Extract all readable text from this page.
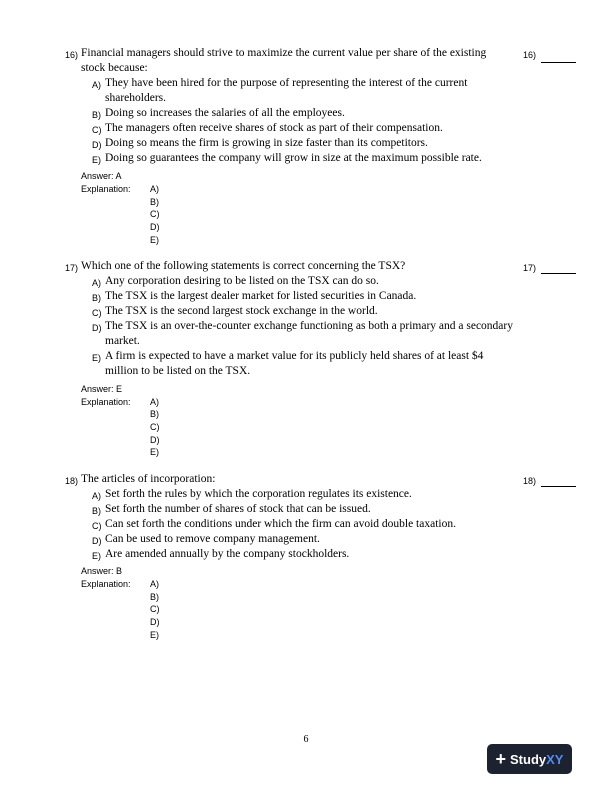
16) Financial managers should strive to maximize the current value per share of the existing stock because:
16)
A) They have been hired for the purpose of representing the interest of the current shareholders.
B) Doing so increases the salaries of all the employees.
C) The managers often receive shares of stock as part of their compensation.
D) Doing so means the firm is growing in size faster than its competitors.
E) Doing so guarantees the company will grow in size at the maximum possible rate.
Answer: A
Explanation: A)
B)
C)
D)
E)
17) Which one of the following statements is correct concerning the TSX?	17)
A) Any corporation desiring to be listed on the TSX can do so.
B) The TSX is the largest dealer market for listed securities in Canada.
C) The TSX is the second largest stock exchange in the world.
D) The TSX is an over-the-counter exchange functioning as both a primary and a secondary market.
E) A firm is expected to have a market value for its publicly held shares of at least $4 million to be listed on the TSX.
Answer: E
Explanation: A)
B)
C)
D)
E)
18) The articles of incorporation:	18)
A) Set forth the rules by which the corporation regulates its existence.
B) Set forth the number of shares of stock that can be issued.
C) Can set forth the conditions under which the firm can avoid double taxation.
D) Can be used to remove company management.
E) Are amended annually by the company stockholders.
Answer: B
Explanation: A)
B)
C)
D)
E)
6
+ Study XY
